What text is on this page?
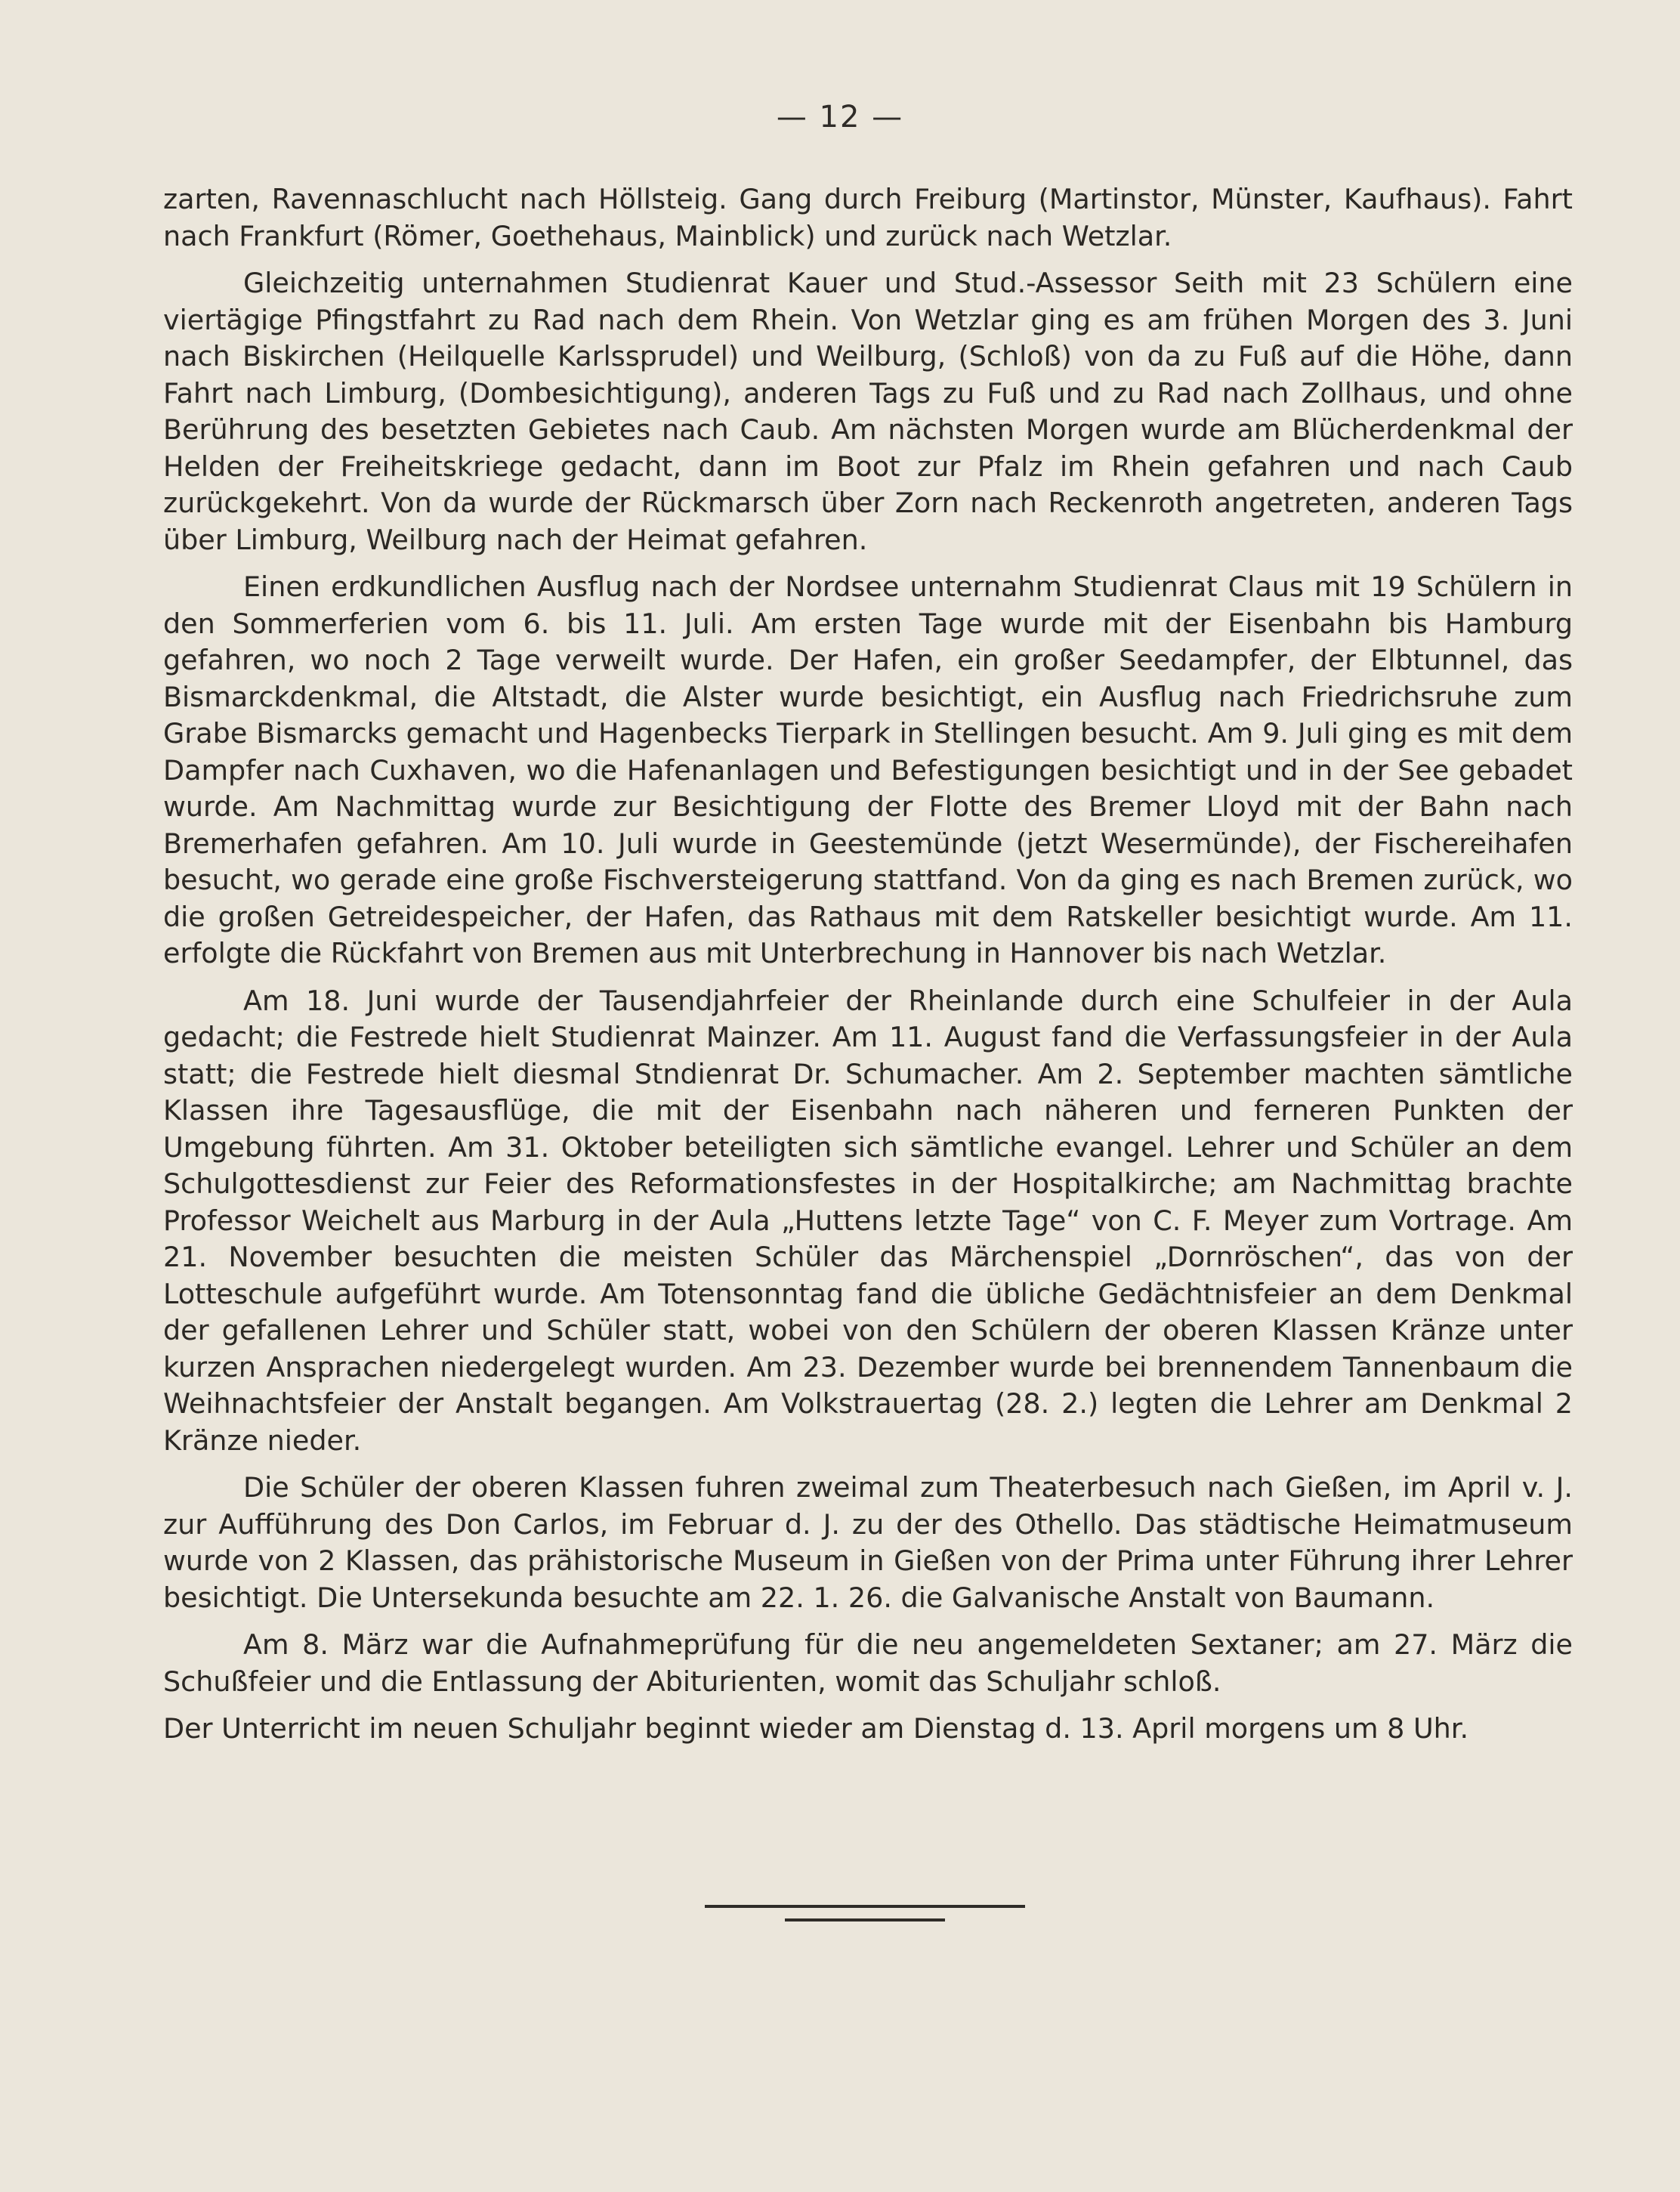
— 12 —

zarten, Ravennaschlucht nach Höllsteig. Gang durch Freiburg (Martinstor, Münster, Kaufhaus). Fahrt nach Frankfurt (Römer, Goethehaus, Mainblick) und zurück nach Wetzlar.

Gleichzeitig unternahmen Studienrat Kauer und Stud.-Assessor Seith mit 23 Schülern eine viertägige Pfingstfahrt zu Rad nach dem Rhein. Von Wetzlar ging es am frühen Morgen des 3. Juni nach Biskirchen (Heilquelle Karlssprudel) und Weilburg, (Schloß) von da zu Fuß auf die Höhe, dann Fahrt nach Limburg, (Dombesichtigung), anderen Tags zu Fuß und zu Rad nach Zollhaus, und ohne Berührung des besetzten Gebietes nach Caub. Am nächsten Morgen wurde am Blücherdenkmal der Helden der Freiheitskriege gedacht, dann im Boot zur Pfalz im Rhein gefahren und nach Caub zurückgekehrt. Von da wurde der Rückmarsch über Zorn nach Reckenroth angetreten, anderen Tags über Limburg, Weilburg nach der Heimat gefahren.

Einen erdkundlichen Ausflug nach der Nordsee unternahm Studienrat Claus mit 19 Schülern in den Sommerferien vom 6. bis 11. Juli. Am ersten Tage wurde mit der Eisenbahn bis Hamburg gefahren, wo noch 2 Tage verweilt wurde. Der Hafen, ein großer Seedampfer, der Elbtunnel, das Bismarckdenkmal, die Altstadt, die Alster wurde besichtigt, ein Ausflug nach Friedrichsruhe zum Grabe Bismarcks gemacht und Hagenbecks Tierpark in Stellingen besucht. Am 9. Juli ging es mit dem Dampfer nach Cuxhaven, wo die Hafenanlagen und Befestigungen besichtigt und in der See gebadet wurde. Am Nachmittag wurde zur Besichtigung der Flotte des Bremer Lloyd mit der Bahn nach Bremerhafen gefahren. Am 10. Juli wurde in Geestemünde (jetzt Wesermünde), der Fischereihafen besucht, wo gerade eine große Fischversteigerung stattfand. Von da ging es nach Bremen zurück, wo die großen Getreidespeicher, der Hafen, das Rathaus mit dem Ratskeller besichtigt wurde. Am 11. erfolgte die Rückfahrt von Bremen aus mit Unterbrechung in Hannover bis nach Wetzlar.

Am 18. Juni wurde der Tausendjahrfeier der Rheinlande durch eine Schulfeier in der Aula gedacht; die Festrede hielt Studienrat Mainzer. Am 11. August fand die Verfassungsfeier in der Aula statt; die Festrede hielt diesmal Stndienrat Dr. Schumacher. Am 2. September machten sämtliche Klassen ihre Tagesausflüge, die mit der Eisenbahn nach näheren und ferneren Punkten der Umgebung führten. Am 31. Oktober beteiligten sich sämtliche evangel. Lehrer und Schüler an dem Schulgottesdienst zur Feier des Reformationsfestes in der Hospitalkirche; am Nachmittag brachte Professor Weichelt aus Marburg in der Aula „Huttens letzte Tage“ von C. F. Meyer zum Vortrage. Am 21. November besuchten die meisten Schüler das Märchenspiel „Dornröschen“, das von der Lotteschule aufgeführt wurde. Am Totensonntag fand die übliche Gedächtnisfeier an dem Denkmal der gefallenen Lehrer und Schüler statt, wobei von den Schülern der oberen Klassen Kränze unter kurzen Ansprachen niedergelegt wurden. Am 23. Dezember wurde bei brennendem Tannenbaum die Weihnachtsfeier der Anstalt begangen. Am Volkstrauertag (28. 2.) legten die Lehrer am Denkmal 2 Kränze nieder.

Die Schüler der oberen Klassen fuhren zweimal zum Theaterbesuch nach Gießen, im April v. J. zur Aufführung des Don Carlos, im Februar d. J. zu der des Othello. Das städtische Heimatmuseum wurde von 2 Klassen, das prähistorische Museum in Gießen von der Prima unter Führung ihrer Lehrer besichtigt. Die Untersekunda besuchte am 22. 1. 26. die Galvanische Anstalt von Baumann.

Am 8. März war die Aufnahmeprüfung für die neu angemeldeten Sextaner; am 27. März die Schußfeier und die Entlassung der Abiturienten, womit das Schuljahr schloß.

Der Unterricht im neuen Schuljahr beginnt wieder am Dienstag d. 13. April morgens um 8 Uhr.
